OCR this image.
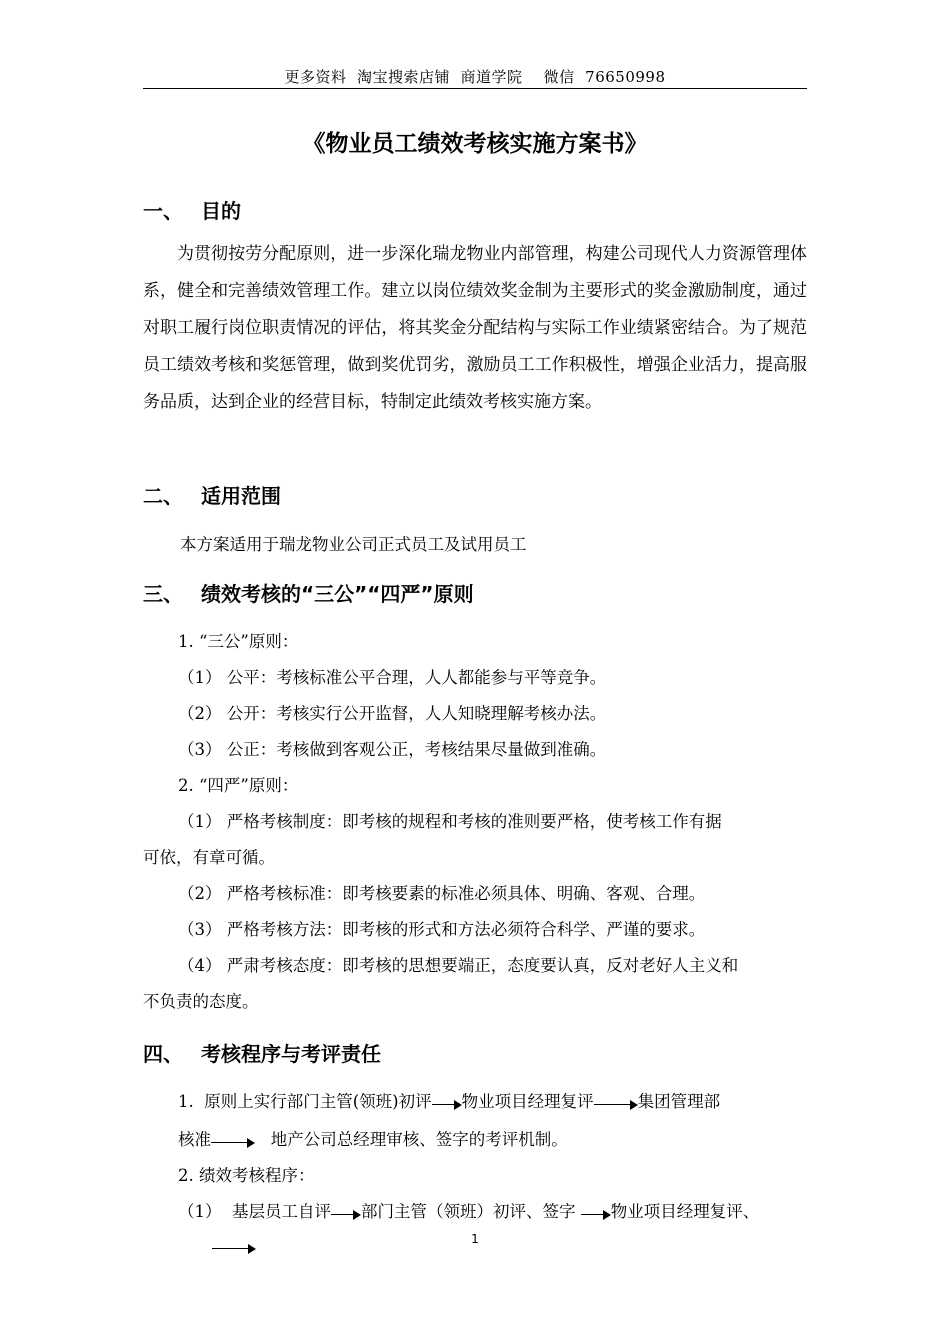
更多资料  淘宝搜索店铺  商道学院    微信  76650998
《物业员工绩效考核实施方案书》
一、 目的

为贯彻按劳分配原则，进一步深化瑞龙物业内部管理，构建公司现代人力资源管理体系，健全和完善绩效管理工作。建立以岗位绩效奖金制为主要形式的奖金激励制度，通过对职工履行岗位职责情况的评估，将其奖金分配结构与实际工作业绩紧密结合。为了规范员工绩效考核和奖惩管理，做到奖优罚劣，激励员工工作积极性，增强企业活力，提高服务品质，达到企业的经营目标，特制定此绩效考核实施方案。

二、 适用范围
本方案适用于瑞龙物业公司正式员工及试用员工
三、 绩效考核的“三公”“四严”原则
1. “三公”原则：
（1） 公平：考核标准公平合理，人人都能参与平等竞争。
（2） 公开：考核实行公开监督，人人知晓理解考核办法。
（3） 公正：考核做到客观公正，考核结果尽量做到准确。
2. “四严”原则：
（1） 严格考核制度：即考核的规程和考核的准则要严格，使考核工作有据
可依，有章可循。
（2） 严格考核标准：即考核要素的标准必须具体、明确、客观、合理。
（3） 严格考核方法：即考核的形式和方法必须符合科学、严谨的要求。
（4） 严肃考核态度：即考核的思想要端正，态度要认真，反对老好人主义和
不负责的态度。
四、 考核程序与考评责任
1. 原则上实行部门主管(领班)初评 物业项目经理复评	集团管理部
核准	地产公司总经理审核、签字的考评机制。
2. 绩效考核程序：
（1） 基层员工自评 部门主管（领班）初评、签字 物业项目经理复评、
1
